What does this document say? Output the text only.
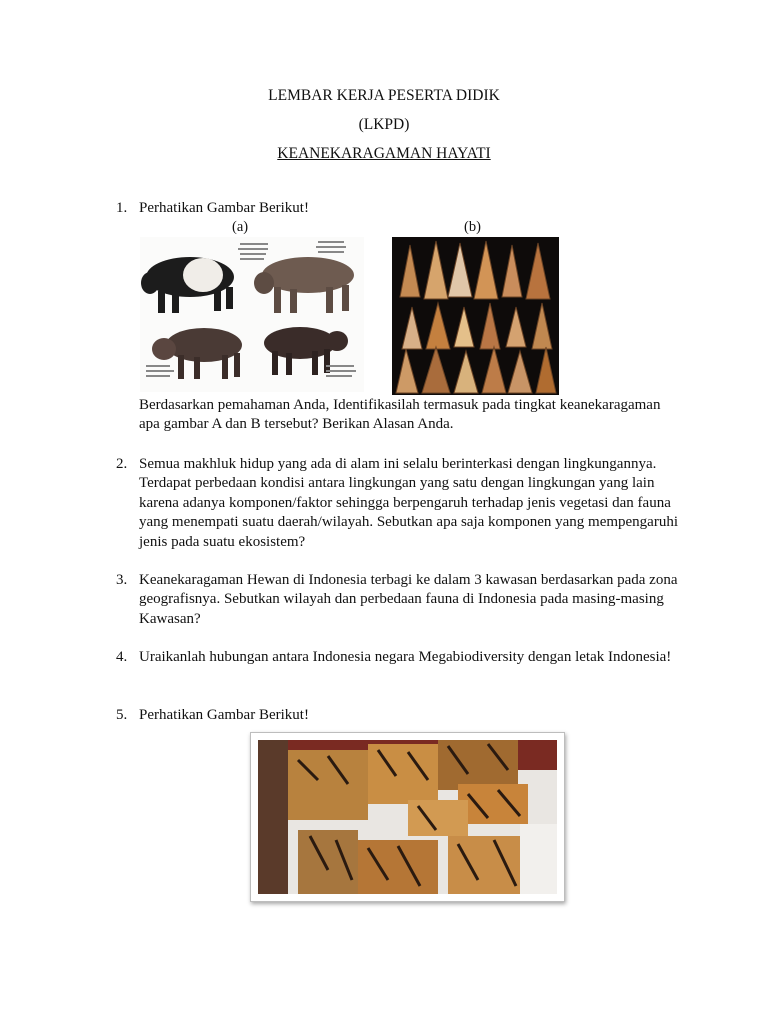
LEMBAR KERJA PESERTA DIDIK
(LKPD)
KEANEKARAGAMAN HAYATI
1. Perhatikan Gambar Berikut!
(a)	(b)
Berdasarkan pemahaman Anda, Identifikasilah termasuk pada tingkat keanekaragaman apa gambar A dan B tersebut? Berikan Alasan Anda.
2. Semua makhluk hidup yang ada di alam ini selalu berinterkasi dengan lingkungannya. Terdapat perbedaan kondisi antara lingkungan yang satu dengan lingkungan yang lain karena adanya komponen/faktor sehingga berpengaruh terhadap jenis vegetasi dan fauna yang menempati suatu daerah/wilayah. Sebutkan apa saja komponen yang mempengaruhi jenis pada suatu ekosistem?
3. Keanekaragaman Hewan di Indonesia terbagi ke dalam 3 kawasan berdasarkan pada zona geografisnya. Sebutkan wilayah dan perbedaan fauna di Indonesia pada masing-masing Kawasan?
4. Uraikanlah hubungan antara Indonesia negara Megabiodiversity dengan letak Indonesia!
5. Perhatikan Gambar Berikut!
